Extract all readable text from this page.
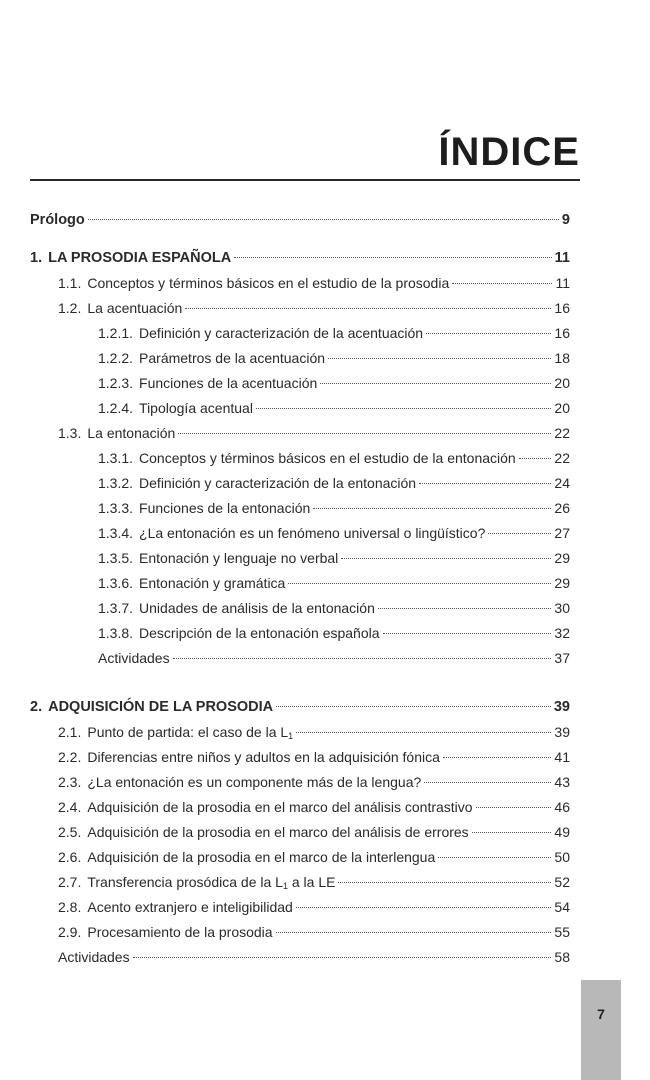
ÍNDICE
Prólogo	9
1. LA PROSODIA ESPAÑOLA	11
1.1. Conceptos y términos básicos en el estudio de la prosodia	11
1.2. La acentuación	16
1.2.1. Definición y caracterización de la acentuación	16
1.2.2. Parámetros de la acentuación	18
1.2.3. Funciones de la acentuación	20
1.2.4. Tipología acentual	20
1.3. La entonación	22
1.3.1. Conceptos y términos básicos en el estudio de la entonación	22
1.3.2. Definición y caracterización de la entonación	24
1.3.3. Funciones de la entonación	26
1.3.4. ¿La entonación es un fenómeno universal o lingüístico?	27
1.3.5. Entonación y lenguaje no verbal	29
1.3.6. Entonación y gramática	29
1.3.7. Unidades de análisis de la entonación	30
1.3.8. Descripción de la entonación española	32
Actividades	37
2. ADQUISICIÓN DE LA PROSODIA	39
2.1. Punto de partida: el caso de la $L_1$	39
2.2. Diferencias entre niños y adultos en la adquisición fónica	41
2.3. ¿La entonación es un componente más de la lengua?	43
2.4. Adquisición de la prosodia en el marco del análisis contrastivo	46
2.5. Adquisición de la prosodia en el marco del análisis de errores	49
2.6. Adquisición de la prosodia en el marco de la interlengua	50
2.7. Transferencia prosódica de la $L_1$ a la LE	52
2.8. Acento extranjero e inteligibilidad	54
2.9. Procesamiento de la prosodia	55
Actividades	58
7
